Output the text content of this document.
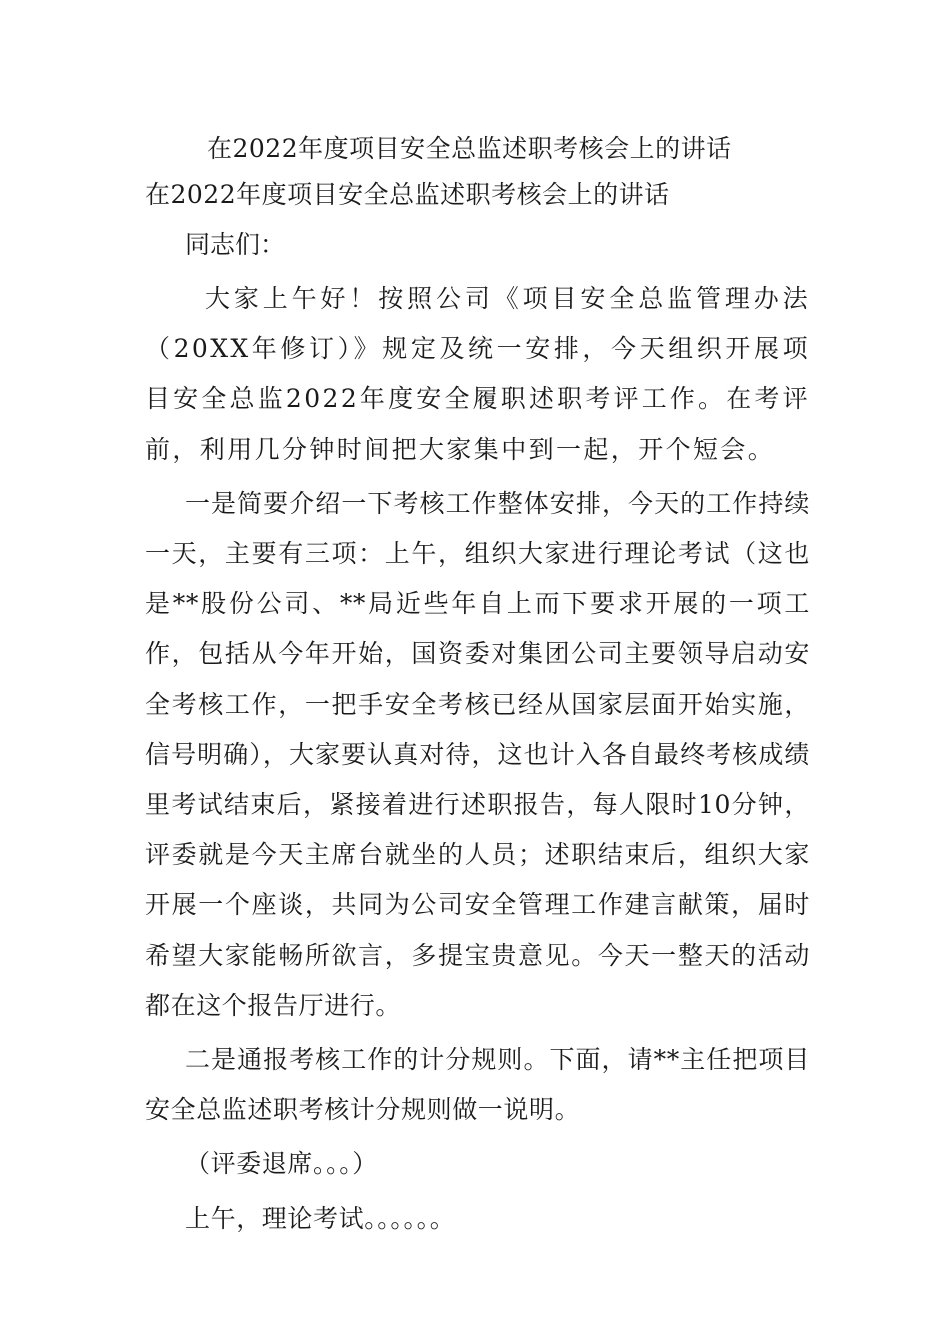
在2022年度项目安全总监述职考核会上的讲话
在2022年度项目安全总监述职考核会上的讲话

同志们：

大家上午好！按照公司《项目安全总监管理办法（20XX年修订）》规定及统一安排，今天组织开展项目安全总监2022年度安全履职述职考评工作。在考评前，利用几分钟时间把大家集中到一起，开个短会。

一是简要介绍一下考核工作整体安排，今天的工作持续一天，主要有三项：上午，组织大家进行理论考试（这也是**股份公司、**局近些年自上而下要求开展的一项工作，包括从今年开始，国资委对集团公司主要领导启动安全考核工作，一把手安全考核已经从国家层面开始实施，信号明确），大家要认真对待，这也计入各自最终考核成绩里考试结束后，紧接着进行述职报告，每人限时10分钟，评委就是今天主席台就坐的人员；述职结束后，组织大家开展一个座谈，共同为公司安全管理工作建言献策，届时希望大家能畅所欲言，多提宝贵意见。今天一整天的活动都在这个报告厅进行。

二是通报考核工作的计分规则。下面，请**主任把项目安全总监述职考核计分规则做一说明。

（评委退席。。。）

上午，理论考试。。。。。。
